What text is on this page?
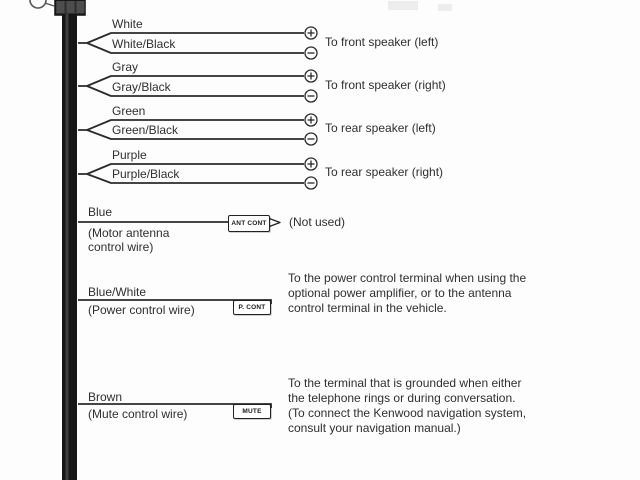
White
White/Black	To front speaker (left)
Gray
Gray/Black	To front speaker (right)
Green
Green/Black	To rear speaker (left)
Purple
Purple/Black	To rear speaker (right)
Blue
(Motor antenna
control wire)
ANT CONT (Not used)
Blue/White
(Power control wire)	P. CONT
To the power control terminal when using the
optional power amplifier, or to the antenna
control terminal in the vehicle.
Brown
(Mute control wire)	MUTE
To the terminal that is grounded when either
the telephone rings or during conversation.
(To connect the Kenwood navigation system,
consult your navigation manual.)
